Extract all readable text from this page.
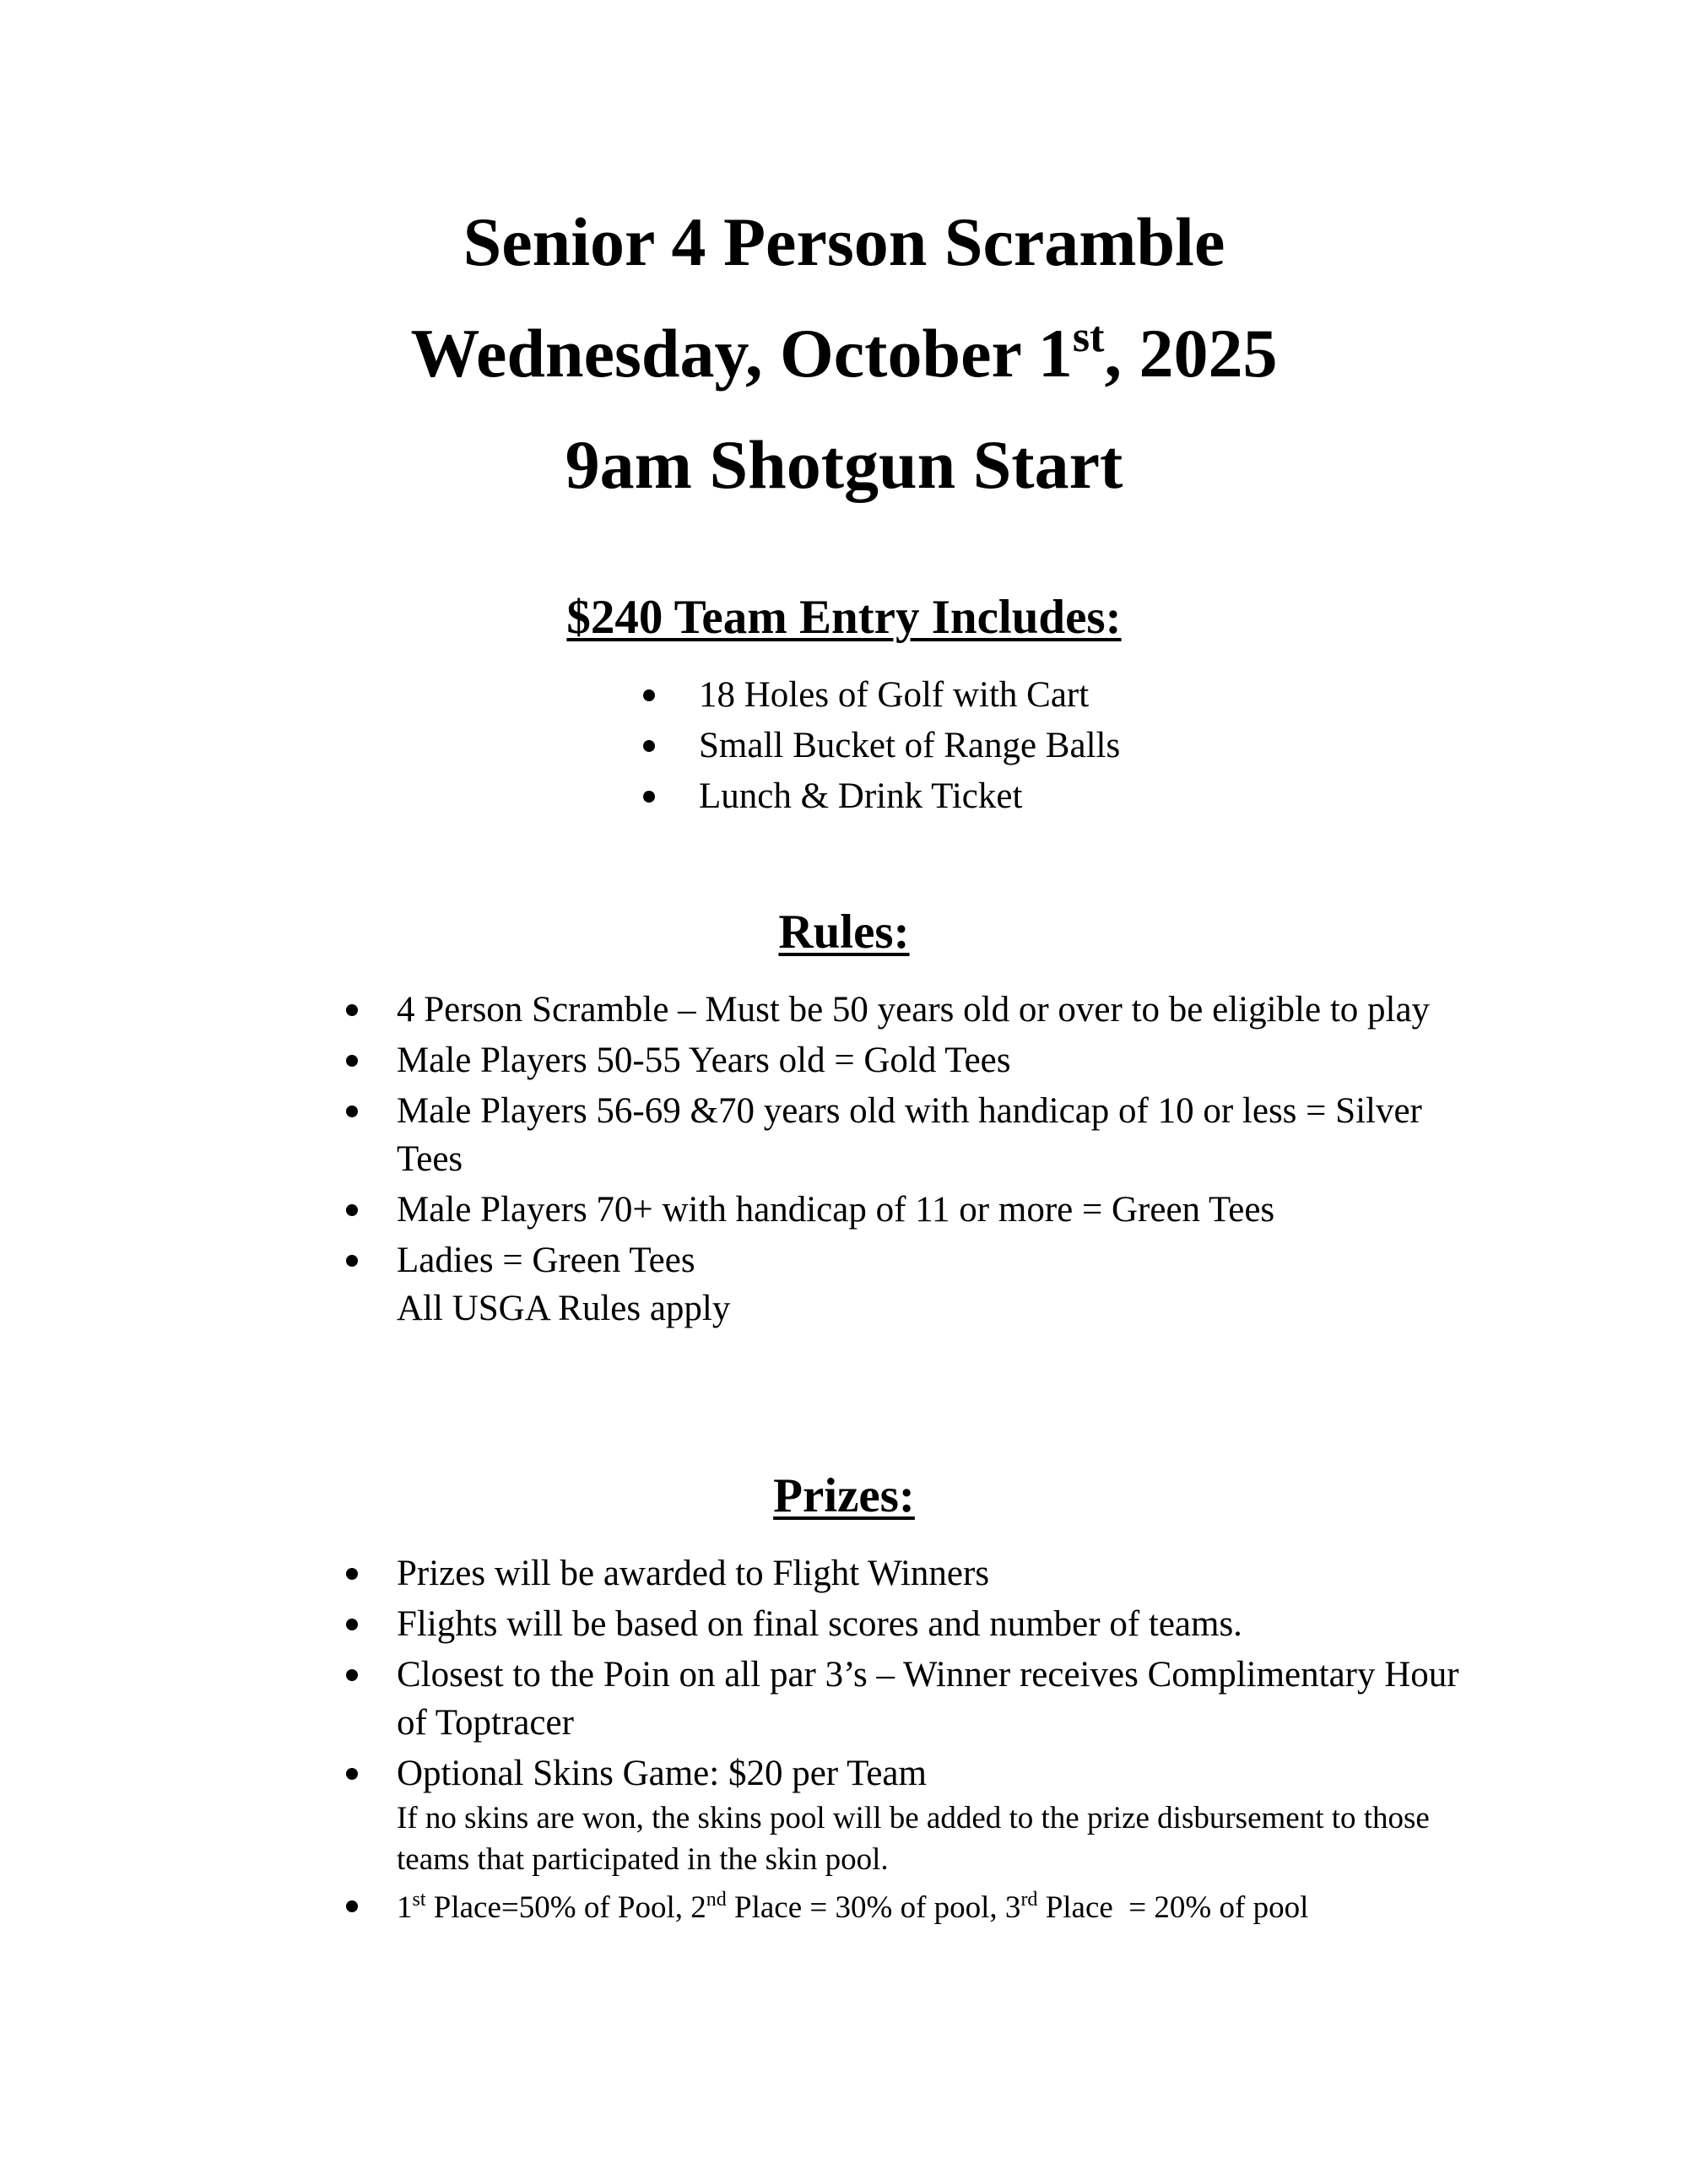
Senior 4 Person Scramble
Wednesday, October 1st, 2025
9am Shotgun Start
$240 Team Entry Includes:
18 Holes of Golf with Cart
Small Bucket of Range Balls
Lunch & Drink Ticket
Rules:
4 Person Scramble – Must be 50 years old or over to be eligible to play
Male Players 50-55 Years old = Gold Tees
Male Players 56-69 &70 years old with handicap of 10 or less = Silver Tees
Male Players 70+ with handicap of 11 or more = Green Tees
Ladies = Green Tees
All USGA Rules apply
Prizes:
Prizes will be awarded to Flight Winners
Flights will be based on final scores and number of teams.
Closest to the Poin on all par 3’s – Winner receives Complimentary Hour of Toptracer
Optional Skins Game: $20 per Team
If no skins are won, the skins pool will be added to the prize disbursement to those teams that participated in the skin pool.
1st Place=50% of Pool, 2nd Place = 30% of pool, 3rd Place  = 20% of pool
